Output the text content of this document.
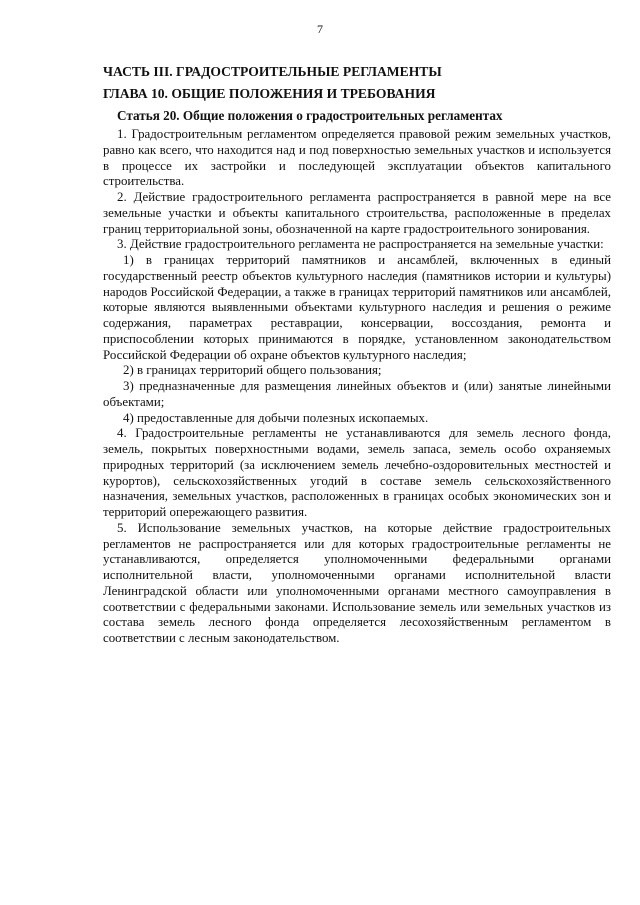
7
ЧАСТЬ III. ГРАДОСТРОИТЕЛЬНЫЕ РЕГЛАМЕНТЫ
ГЛАВА 10. ОБЩИЕ ПОЛОЖЕНИЯ И ТРЕБОВАНИЯ
Статья 20. Общие положения о градостроительных регламентах

1. Градостроительным регламентом определяется правовой режим земельных участков, равно как всего, что находится над и под поверхностью земельных участков и используется в процессе их застройки и последующей эксплуатации объектов капитального строительства.

2. Действие градостроительного регламента распространяется в равной мере на все земельные участки и объекты капитального строительства, расположенные в пределах границ территориальной зоны, обозначенной на карте градостроительного зонирования.

3. Действие градостроительного регламента не распространяется на земельные участки:

1) в границах территорий памятников и ансамблей, включенных в единый государственный реестр объектов культурного наследия (памятников истории и культуры) народов Российской Федерации, а также в границах территорий памятников или ансамблей, которые являются выявленными объектами культурного наследия и решения о режиме содержания, параметрах реставрации, консервации, воссоздания, ремонта и приспособлении которых принимаются в порядке, установленном законодательством Российской Федерации об охране объектов культурного наследия;

2) в границах территорий общего пользования;

3) предназначенные для размещения линейных объектов и (или) занятые линейными объектами;

4) предоставленные для добычи полезных ископаемых.

4. Градостроительные регламенты не устанавливаются для земель лесного фонда, земель, покрытых поверхностными водами, земель запаса, земель особо охраняемых природных территорий (за исключением земель лечебно-оздоровительных местностей и курортов), сельскохозяйственных угодий в составе земель сельскохозяйственного назначения, земельных участков, расположенных в границах особых экономических зон и территорий опережающего развития.

5. Использование земельных участков, на которые действие градостроительных регламентов не распространяется или для которых градостроительные регламенты не устанавливаются, определяется уполномоченными федеральными органами исполнительной власти, уполномоченными органами исполнительной власти Ленинградской области или уполномоченными органами местного самоуправления в соответствии с федеральными законами. Использование земель или земельных участков из состава земель лесного фонда определяется лесохозяйственным регламентом в соответствии с лесным законодательством.
